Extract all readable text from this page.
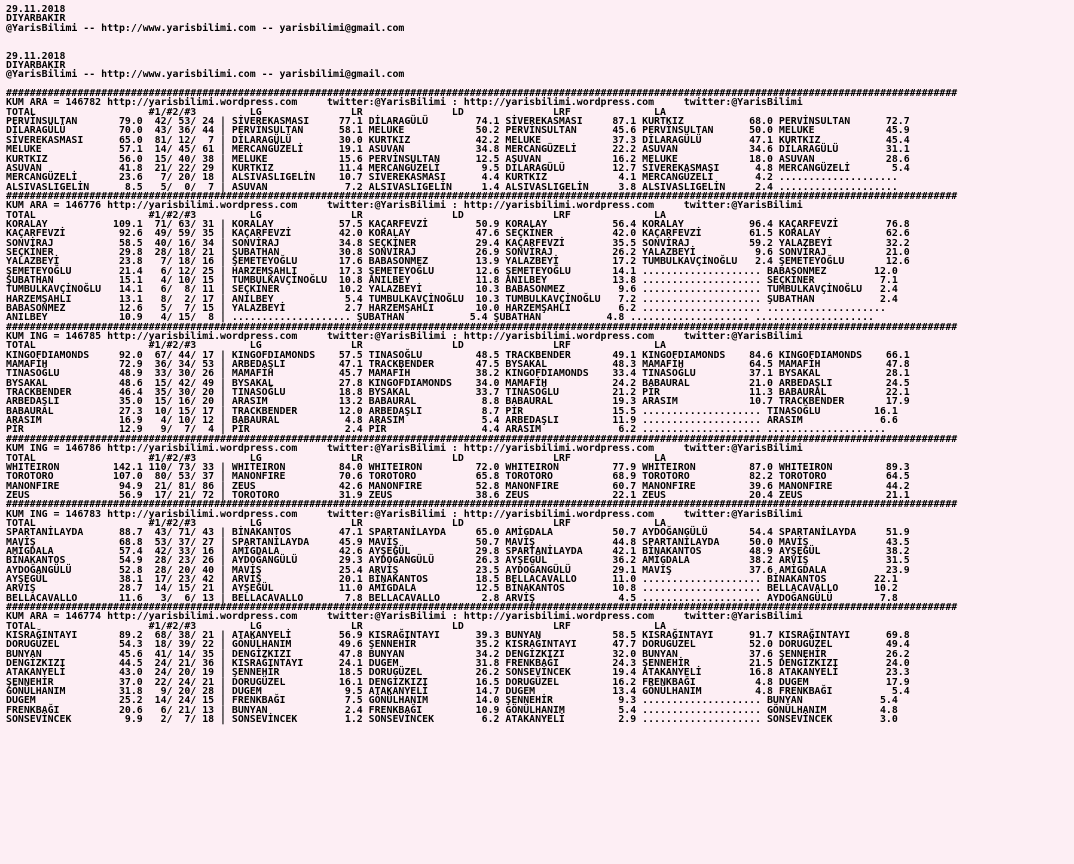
29.11.2018
DIYARBAKIR
@YarisBilimi -- http://www.yarisbilimi.com -- yarisbilimi@gmail.com

29.11.2018
DIYARBAKIR
@YarisBilimi -- http://www.yarisbilimi.com -- yarisbilimi@gmail.com

################################################################################################################################################################
KUM ARA = 146782 http://yarisbilimi.wordpress.com     twitter:@YarisBilimi : http://yarisbilimi.wordpress.com     twitter:@YarisBilimi
TOTAL                   #1/#2/#3         LG               LR               LD               LRF              LA
PERVİNSULTAN       79.0  42/ 53/ 24 | SİVEREKASMASI     77.1 DİLARAGÜLÜ        74.1 SİVEREKASMASI     87.1 KURTKIZ           68.0 PERVİNSULTAN      72.7
DİLARAGÜLÜ         70.0  43/ 36/ 44 | PERVİNSULTAN      58.1 MELUKE            50.2 PERVİNSULTAN      45.6 PERVİNSULTAN      50.0 MELUKE            45.9
SİVEREKASMASI      65.0  81/ 12/  7 | DİLARAGÜLÜ        30.0 KURTKIZ           42.2 MELUKE            37.3 DİLARAGÜLÜ        47.1 KURTKIZ           45.4
MELUKE             57.1  14/ 45/ 61 | MERCANGÜZELİ      19.1 ASUVAN            34.8 MERCANGÜZELİ      22.2 ASUVAN            34.6 DİLARAGÜLÜ        31.1
KURTKIZ            56.0  15/ 40/ 38 | MELUKE            15.6 PERVİNSULTAN      12.5 ASUVAN            16.2 MELUKE            18.0 ASUVAN            28.6
ASUVAN             41.8  21/ 22/ 29 | KURTKIZ           11.4 MERCANGÜZELİ       9.5 DİLARAGÜLÜ        12.7 SİVEREKASMASI      4.8 MERCANGÜZELİ       5.4
MERCANGÜZELİ       23.6   7/ 20/ 18 | ALSIVASLIGELİN    10.7 SİVEREKASMASI      4.4 KURTKIZ            4.1 MERCANGÜZELİ       4.2 ....................
ALSIVASLIGELİN      8.5   5/  0/  7 | ASUVAN             7.2 ALSIVASLIGELİN     1.4 ALSIVASLIGELİN     3.8 ALSIVASLIGELİN     2.4 ....................
################################################################################################################################################################
KUM ARA = 146776 http://yarisbilimi.wordpress.com     twitter:@YarisBilimi : http://yarisbilimi.wordpress.com     twitter:@YarisBilimi
TOTAL                   #1/#2/#3         LG               LR               LD               LRF              LA
KORALAY           109.1  71/ 63/ 31 | KORALAY           57.5 KAÇARFEVZİ        50.9 KORALAY           56.4 KORALAY           96.4 KAÇARFEVZİ        76.8
KAÇARFEVZİ         92.6  49/ 59/ 35 | KAÇARFEVZİ        42.0 KORALAY           47.6 SEÇKİNER          42.0 KAÇARFEVZİ        61.5 KORALAY           62.6
SONVİRAJ           58.5  40/ 16/ 34 | SONVİRAJ          34.8 SEÇKİNER          29.4 KAÇARFEVZİ        35.5 SONVİRAJ          59.2 YALAZBEYİ         32.2
SEÇKİNER           29.8  28/ 18/ 21 | ŞUBATHAN          30.8 SONVİRAJ          26.9 SONVİRAJ          26.2 YALAZBEYİ          9.6 SONVİRAJ          21.0
YALAZBEYİ          23.8   7/ 18/ 16 | ŞEMETEYOĞLU       17.6 BABASONMEZ        13.9 YALAZBEYİ         17.2 TUMBULKAVÇİNOĞLU   2.4 ŞEMETEYOĞLU       12.6
ŞEMETEYOĞLU        21.4   6/ 12/ 25 | HARZEMŞAHLI       17.3 ŞEMETEYOĞLU       12.6 ŞEMETEYOĞLU       14.1 .................... BABASONMEZ        12.0
ŞUBATHAN           15.1   4/ 10/ 15 | TUMBULKAVÇİNOĞLU  10.8 ANILBEY           11.8 ANILBEY           13.8 .................... SEÇKİNER           7.1
TUMBULKAVÇİNOĞLU   14.1   6/  8/ 11 | SEÇKİNER          10.2 YALAZBEYİ         10.3 BABASONMEZ         9.6 .................... TUMBULKAVÇİNOĞLU   2.4
HARZEMŞAHLI        13.1   8/  2/ 17 | ANILBEY            5.4 TUMBULKAVÇİNOĞLU  10.3 TUMBULKAVÇİNOĞLU   7.2 .................... ŞUBATHAN           2.4
BABASONMEZ         12.6   5/  7/ 15 | YALAZBEYİ          2.7 HARZEMŞAHLI       10.0 HARZEMŞAHLI        6.2 .................... ....................
ANILBEY            10.9   4/ 15/  8 | .................... ŞUBATHAN           5.4 ŞUBATHAN           4.8 .................... ....................
################################################################################################################################################################
KUM ING = 146785 http://yarisbilimi.wordpress.com     twitter:@YarisBilimi : http://yarisbilimi.wordpress.com     twitter:@YarisBilimi
TOTAL                   #1/#2/#3         LG               LR               LD               LRF              LA
KINGOFDIAMONDS     92.0  67/ 44/ 17 | KINGOFDIAMONDS    57.5 TINASOĞLU         48.5 TRACKBENDER       49.1 KINGOFDIAMONDS    84.6 KINGOFDIAMONDS    66.1
MAMAFİH            72.9  36/ 34/ 53 | ARBEDAŞLI         47.1 TRACKBENDER       47.5 BYSAKAL           48.3 MAMAFİH           64.5 MAMAFİH           47.8
TINASOĞLU          48.9  33/ 30/ 26 | MAMAFİH           45.7 MAMAFİH           38.2 KINGOFDIAMONDS    33.4 TINASOĞLU         37.1 BYSAKAL           28.1
BYSAKAL            48.6  15/ 42/ 49 | BYSAKAL           27.8 KINGOFDIAMONDS    34.0 MAMAFİH           24.2 BABAURAL          21.0 ARBEDAŞLI         24.5
TRACKBENDER        46.4  35/ 30/ 20 | TINASOĞLU         18.8 BYSAKAL           33.7 TINASOĞLU         21.2 PİR               11.3 BABAURAL          22.1
ARBEDAŞLI          35.0  15/ 16/ 20 | ARASIM            13.2 BABAURAL           8.8 BABAURAL          19.3 ARASIM            10.7 TRACKBENDER       17.9
BABAURAL           27.3  10/ 15/ 17 | TRACKBENDER       12.0 ARBEDAŞLI          8.7 PİR               15.5 .................... TINASOĞLU         16.1
ARASIM             16.9   4/ 10/ 12 | BABAURAL           4.8 ARASIM             5.4 ARBEDAŞLI         11.9 .................... ARASIM             6.6
PİR                12.9   9/  7/  4 | PİR                2.4 PİR                4.4 ARASIM             6.2 .................... ....................
################################################################################################################################################################
KUM ING = 146786 http://yarisbilimi.wordpress.com     twitter:@YarisBilimi : http://yarisbilimi.wordpress.com     twitter:@YarisBilimi
TOTAL                   #1/#2/#3         LG               LR               LD               LRF              LA
WHITEIRON         142.1 110/ 73/ 33 | WHITEIRON         84.0 WHITEIRON         72.0 WHITEIRON         77.9 WHITEIRON         87.0 WHITEIRON         89.3
TOROTORO          107.0  80/ 53/ 37 | MANONFIRE         70.6 TOROTORO          65.8 TOROTORO          68.9 TOROTORO          82.2 TOROTORO          64.5
MANONFIRE          94.9  21/ 81/ 86 | ZEUS              42.6 MANONFIRE         52.8 MANONFIRE         60.7 MANONFIRE         39.6 MANONFIRE         44.2
ZEUS               56.9  17/ 21/ 72 | TOROTORO          31.9 ZEUS              38.6 ZEUS              22.1 ZEUS              20.4 ZEUS              21.1
################################################################################################################################################################
KUM ING = 146783 http://yarisbilimi.wordpress.com     twitter:@YarisBilimi : http://yarisbilimi.wordpress.com     twitter:@YarisBilimi
TOTAL                   #1/#2/#3         LG               LR               LD               LRF              LA
SPARTANİLAYDA      88.7  43/ 71/ 43 | BİNAKANTOS        47.1 SPARTANİLAYDA     65.0 AMİGDALA          50.7 AYDOĞANGÜLÜ       54.4 SPARTANİLAYDA     51.9
MAVİŞ              68.8  53/ 37/ 27 | SPARTANİLAYDA     45.9 MAVİŞ             50.7 MAVİŞ             44.8 SPARTANİLAYDA     50.0 MAVİŞ             43.5
AMİGDALA           57.4  42/ 33/ 16 | AMİGDALA          42.6 AYŞEGÜL           29.8 SPARTANİLAYDA     42.1 BİNAKANTOS        48.9 AYŞEGÜL           38.2
BİNAKANTOS         54.9  28/ 23/ 26 | AYDOĞANGÜLÜ       29.3 AYDOĞANGÜLÜ       26.3 AYŞEGÜL           36.2 AMİGDALA          38.2 ARVİŞ             31.5
AYDOĞANGÜLÜ        52.8  28/ 20/ 40 | MAVİŞ             25.4 ARVİŞ             23.5 AYDOĞANGÜLÜ       29.1 MAVİŞ             37.6 AMİGDALA          23.9
AYŞEGÜL            38.1  17/ 23/ 42 | ARVİŞ             20.1 BİNAKANTOS        18.5 BELLACAVALLO      11.0 .................... BİNAKANTOS        22.1
ARVİŞ              28.7  14/ 15/ 21 | AYŞEGÜL           11.0 AMİGDALA          12.5 BİNAKANTOS        10.8 .................... BELLACAVALLO      10.2
BELLACAVALLO       11.6   3/  6/ 13 | BELLACAVALLO       7.8 BELLACAVALLO       2.8 ARVİŞ              4.5 .................... AYDOĞANGÜLÜ        7.8
################################################################################################################################################################
KUM ARA = 146774 http://yarisbilimi.wordpress.com     twitter:@YarisBilimi : http://yarisbilimi.wordpress.com     twitter:@YarisBilimi
TOTAL                   #1/#2/#3         LG               LR               LD               LRF              LA
KISRAĞINTAYI       89.2  68/ 38/ 21 | ATAKANYELİ        56.9 KISRAĞINTAYI      39.3 BUNYAN            58.5 KISRAĞINTAYI      91.7 KISRAĞINTAYI      69.8
DORUGÜZEL          54.3  18/ 39/ 22 | GÖNÜLHANIM        49.6 ŞENNEHİR          35.2 KISRAĞINTAYI      47.7 DORUGÜZEL         52.0 DORUGÜZEL         49.4
BUNYAN             45.6  41/ 14/ 35 | DENGİZKIZI        47.8 BUNYAN            34.2 DENGİZKIZI        32.0 BUNYAN            37.6 ŞENNEHİR          26.2
DENGİZKIZI         44.5  24/ 21/ 36 | KISRAĞINTAYI      24.1 DUGEM             31.8 FRENKBAĞI         24.3 ŞENNEHİR          21.5 DENGİZKIZI        24.0
ATAKANYELİ         43.0  24/ 20/ 19 | ŞENNEHİR          18.5 DORUGÜZEL         26.2 SONSEVİNCEK       19.4 ATAKANYELİ        16.8 ATAKANYELİ        23.3
ŞENNEHİR           37.0  22/ 24/ 21 | DORUGÜZEL         16.1 DENGİZKIZI        16.5 DORUGÜZEL         16.2 FRENKBAĞI          4.8 DUGEM             17.9
GÖNÜLHANIM         31.8   9/ 20/ 28 | DUGEM              9.5 ATAKANYELİ        14.7 DUGEM             13.4 GÖNÜLHANIM         4.8 FRENKBAĞI          5.4
DUGEM              25.2  14/ 24/ 15 | FRENKBAĞI          7.5 GÖNÜLHANIM        14.0 ŞENNEHİR           9.3 .................... BUNYAN             5.4
FRENKBAĞI          20.6   6/ 21/ 13 | BUNYAN             2.4 FRENKBAĞI         10.9 GÖNÜLHANIM         5.4 .................... GÖNÜLHANIM         4.8
SONSEVİNCEK         9.9   2/  7/ 18 | SONSEVİNCEK        1.2 SONSEVİNCEK        6.2 ATAKANYELİ         2.9 .................... SONSEVİNCEK        3.0
